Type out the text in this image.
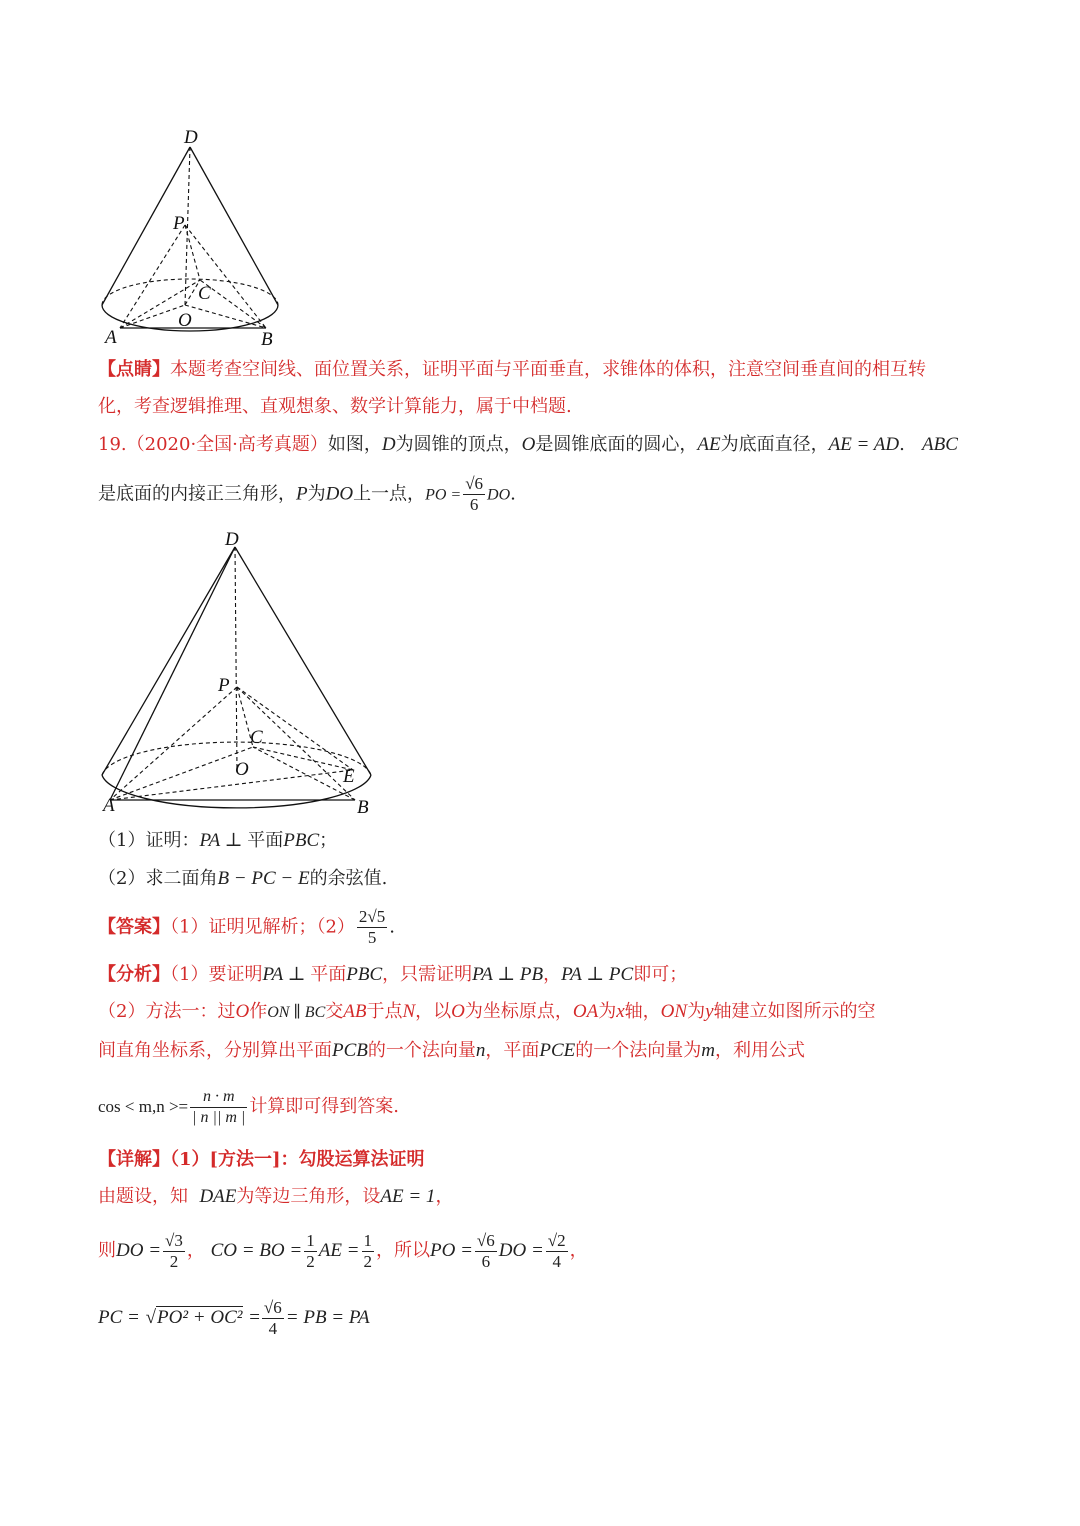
D
P
C
O
A	B
【点睛】本题考查空间线、面位置关系，证明平面与平面垂直，求锥体的体积，注意空间垂直间的相互转
化，考查逻辑推理、直观想象、数学计算能力，属于中档题.
19.（2020·全国·高考真题）如图，D为圆锥的顶点，O是圆锥底面的圆心，AE为底面直径，AE = AD. ABC
是底面的内接正三角形，P为DO上一点，PO = $\frac{√6}{6}$ DO.
D
P
C
O	E
A	B
（1）证明：PA ⊥ 平面PBC；
（2）求二面角B − PC − E的余弦值.
【答案】（1）证明见解析；$(2) \frac{2√5}{5}$ .
【分析】（1）要证明PA ⊥ 平面PBC，只需证明PA ⊥ PB，PA ⊥ PC即可；
（2）方法一：过O作ON ∥ BC交AB于点N，以O为坐标原点，OA为x轴，ON为y轴建立如图所示的空
间直角坐标系，分别算出平面PCB的一个法向量n，平面PCE的一个法向量为m，利用公式
$\cos < m,n >= \frac{n \cdot m}{| n || m |}$ 计算即可得到答案.
【详解】（1）[方法一]：勾股运算法证明
由题设，知 DAE为等边三角形，设AE = 1，
则DO = $\frac{√3}{2}$ ， CO = BO = $\frac{1}{2}$ AE = $\frac{1}{2}$ ，所以PO = $\frac{√6}{6}$ DO = $\frac{√2}{4}$ ，
PC = $√PO^2 + OC^2 = \frac{√6}{4}$ = PB = PA
